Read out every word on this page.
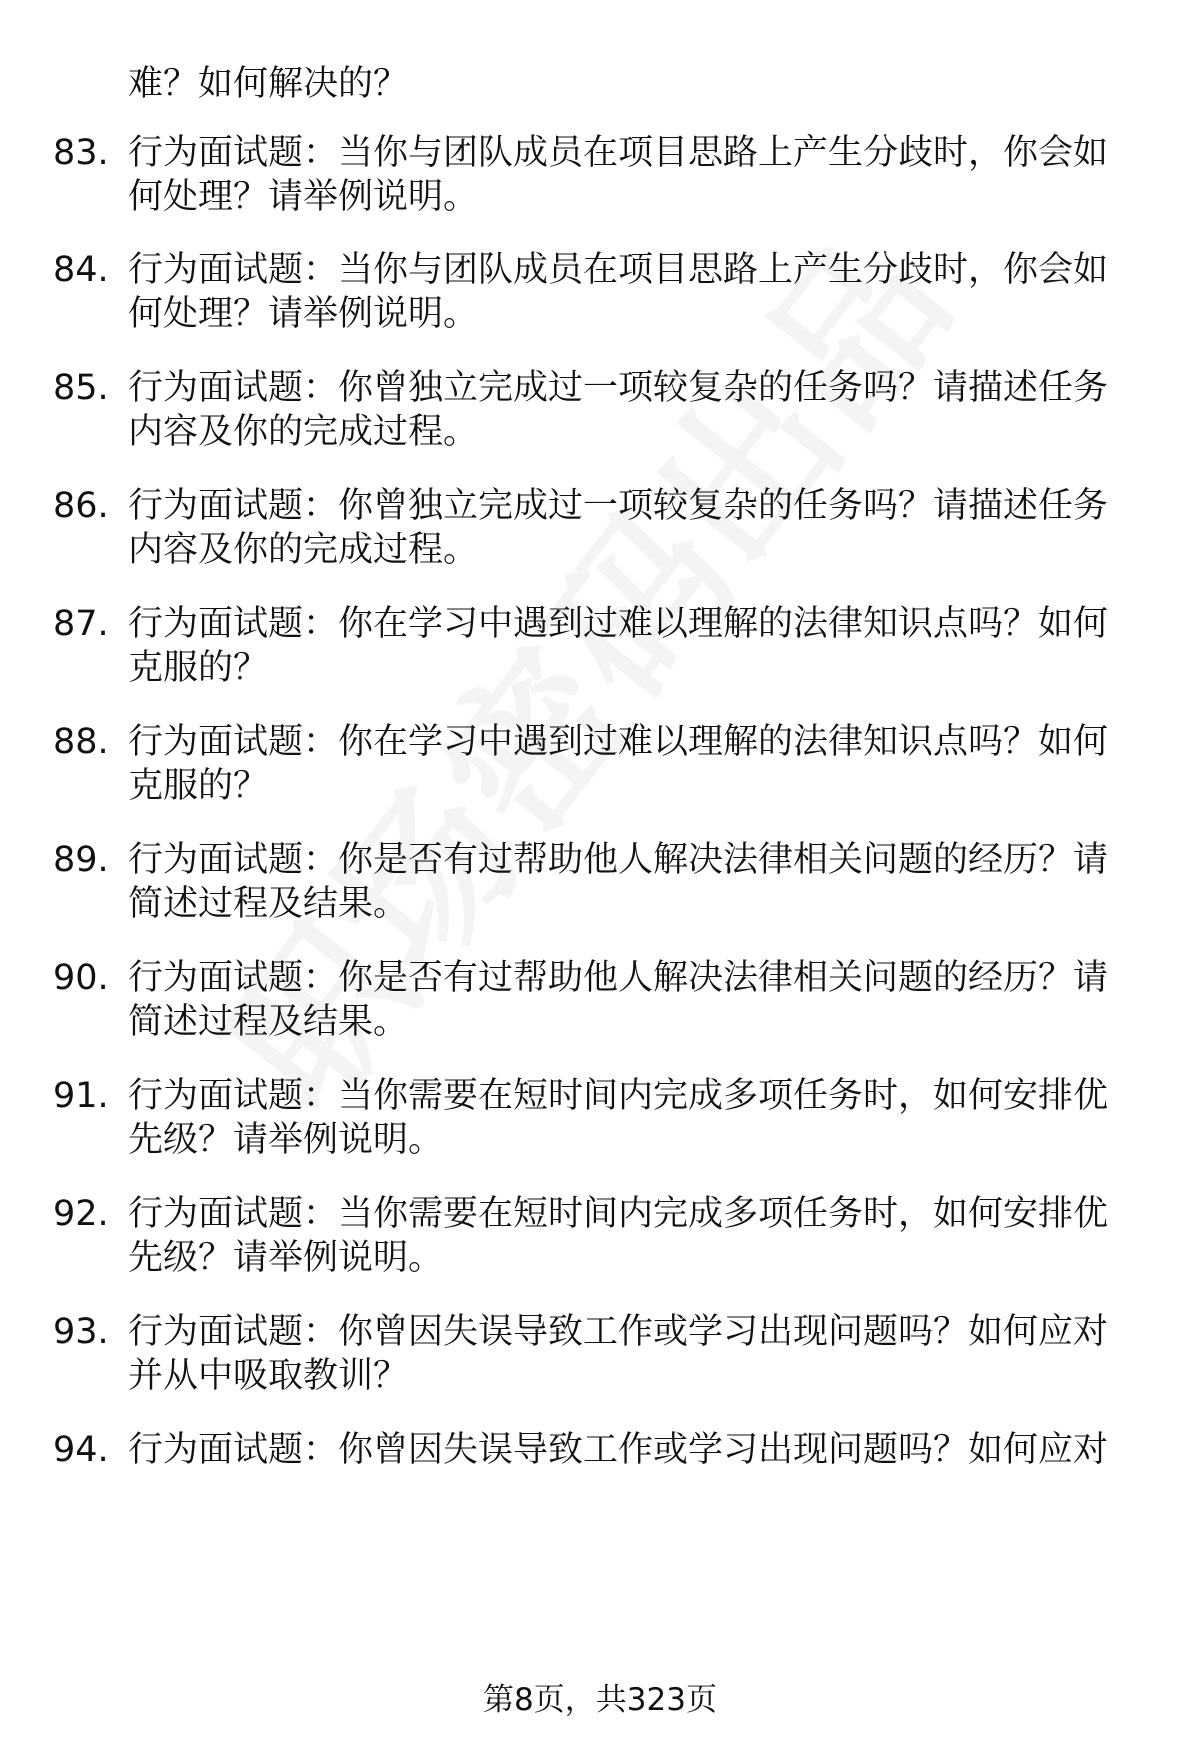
难？如何解决的？
83. 行为面试题：当你与团队成员在项目思路上产生分歧时，你会如
何处理？请举例说明。
84. 行为面试题：当你与团队成员在项目思路上产生分歧时，你会如
何处理？请举例说明。
85. 行为面试题：你曾独立完成过一项较复杂的任务吗？请描述任务
内容及你的完成过程。
86. 行为面试题：你曾独立完成过一项较复杂的任务吗？请描述任务
内容及你的完成过程。
87. 行为面试题：你在学习中遇到过难以理解的法律知识点吗？如何
克服的？
88. 行为面试题：你在学习中遇到过难以理解的法律知识点吗？如何
克服的？
89. 行为面试题：你是否有过帮助他人解决法律相关问题的经历？请
简述过程及结果。
90. 行为面试题：你是否有过帮助他人解决法律相关问题的经历？请
简述过程及结果。
91. 行为面试题：当你需要在短时间内完成多项任务时，如何安排优
先级？请举例说明。
92. 行为面试题：当你需要在短时间内完成多项任务时，如何安排优
先级？请举例说明。
93. 行为面试题：你曾因失误导致工作或学习出现问题吗？如何应对
并从中吸取教训？
94. 行为面试题：你曾因失误导致工作或学习出现问题吗？如何应对
第8页，共323页
